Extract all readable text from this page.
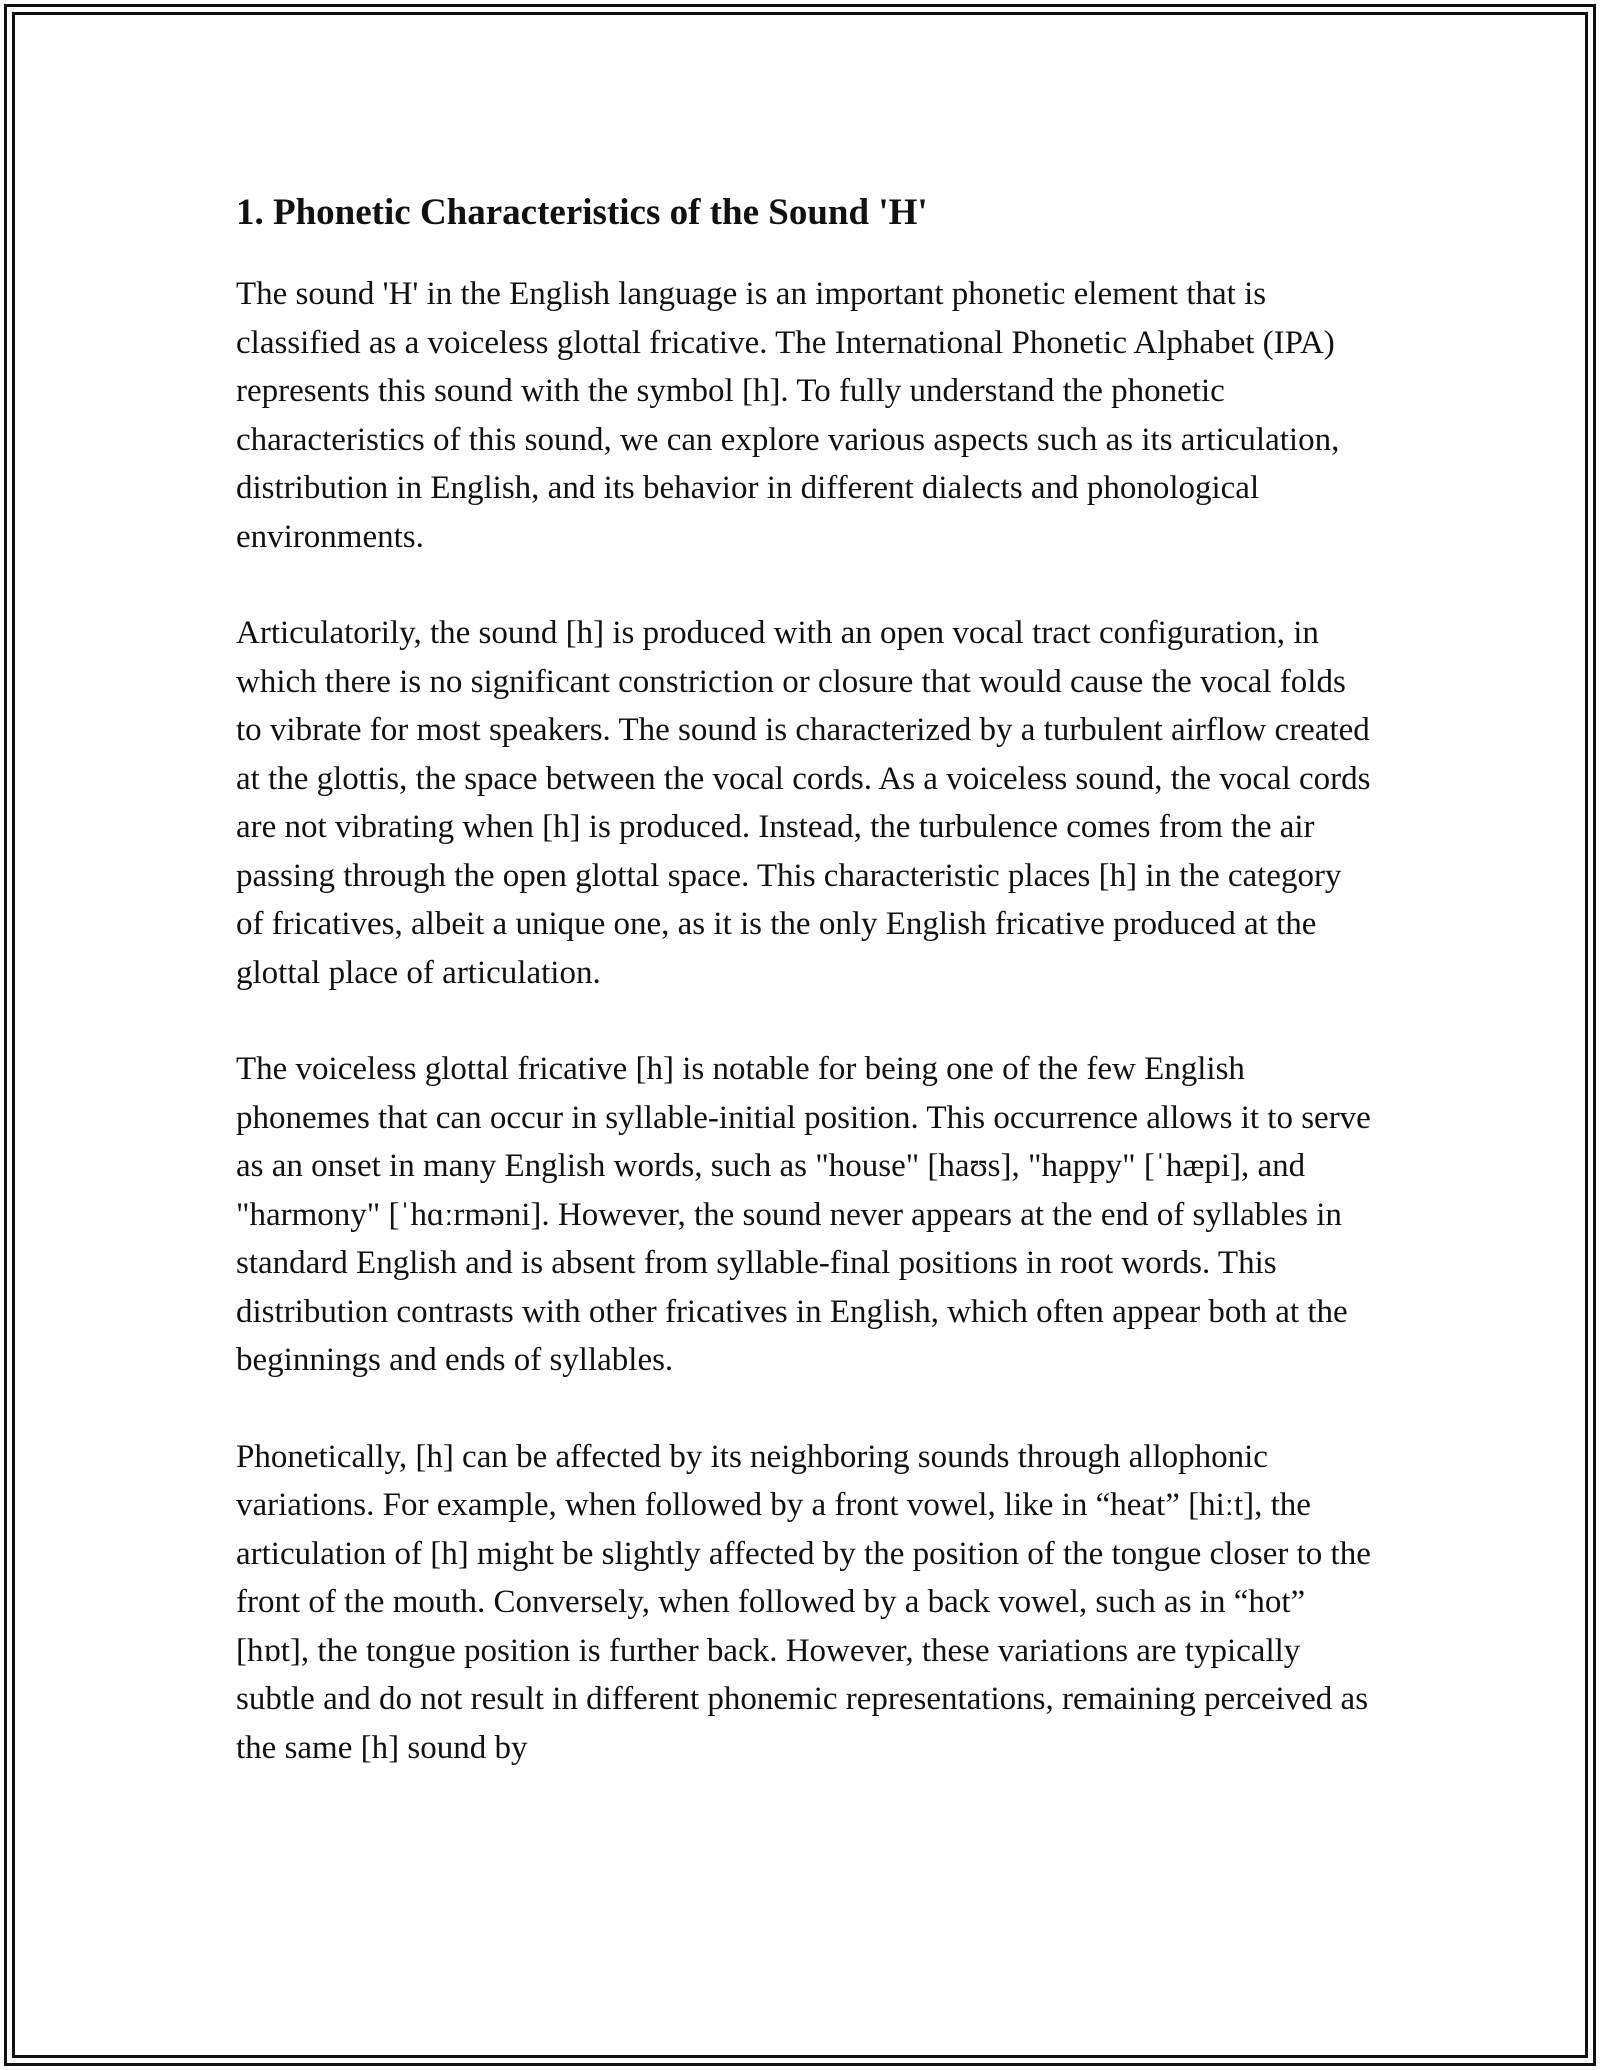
1. Phonetic Characteristics of the Sound 'H'

The sound 'H' in the English language is an important phonetic element that is classified as a voiceless glottal fricative. The International Phonetic Alphabet (IPA) represents this sound with the symbol [h]. To fully understand the phonetic characteristics of this sound, we can explore various aspects such as its articulation, distribution in English, and its behavior in different dialects and phonological environments.

Articulatorily, the sound [h] is produced with an open vocal tract configuration, in which there is no significant constriction or closure that would cause the vocal folds to vibrate for most speakers. The sound is characterized by a turbulent airflow created at the glottis, the space between the vocal cords. As a voiceless sound, the vocal cords are not vibrating when [h] is produced. Instead, the turbulence comes from the air passing through the open glottal space. This characteristic places [h] in the category of fricatives, albeit a unique one, as it is the only English fricative produced at the glottal place of articulation.

The voiceless glottal fricative [h] is notable for being one of the few English phonemes that can occur in syllable-initial position. This occurrence allows it to serve as an onset in many English words, such as "house" [haʊs], "happy" [ˈhæpi], and "harmony" [ˈhɑːrməni]. However, the sound never appears at the end of syllables in standard English and is absent from syllable-final positions in root words. This distribution contrasts with other fricatives in English, which often appear both at the beginnings and ends of syllables.

Phonetically, [h] can be affected by its neighboring sounds through allophonic variations. For example, when followed by a front vowel, like in “heat” [hiːt], the articulation of [h] might be slightly affected by the position of the tongue closer to the front of the mouth. Conversely, when followed by a back vowel, such as in “hot” [hɒt], the tongue position is further back. However, these variations are typically subtle and do not result in different phonemic representations, remaining perceived as the same [h] sound by
